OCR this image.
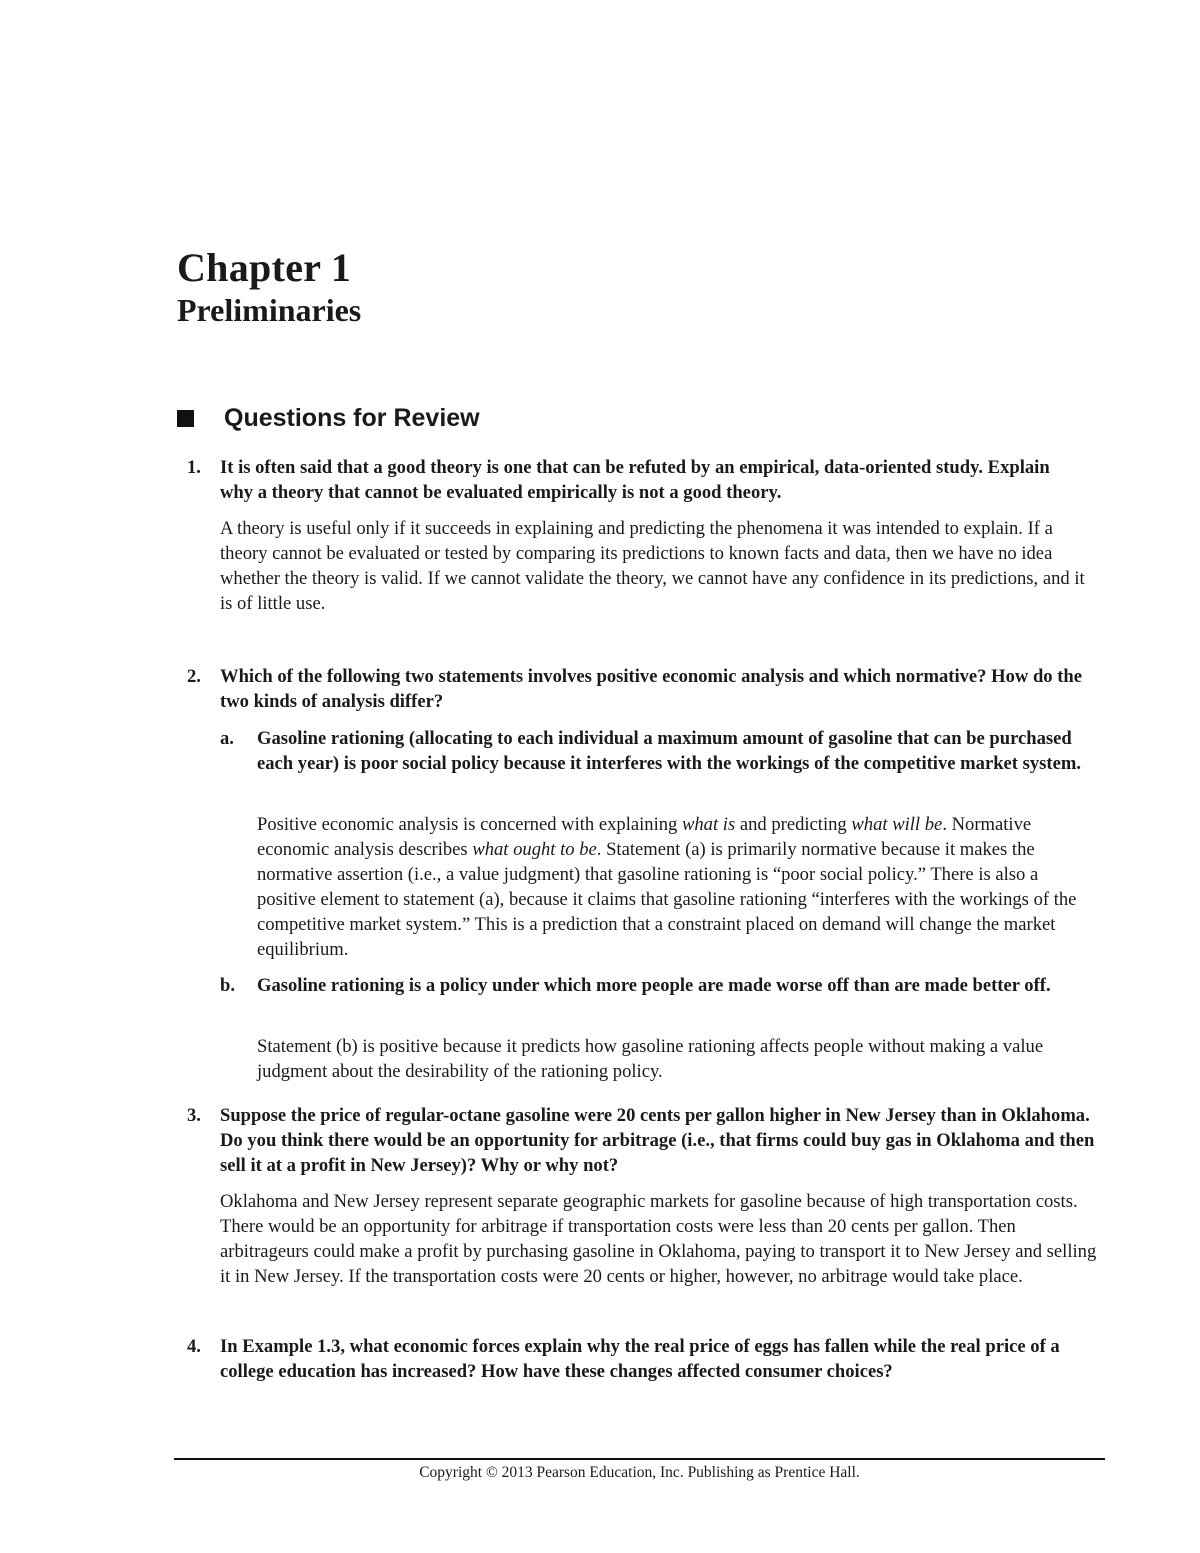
Chapter 1
Preliminaries
Questions for Review
1. It is often said that a good theory is one that can be refuted by an empirical, data-oriented study. Explain why a theory that cannot be evaluated empirically is not a good theory.
A theory is useful only if it succeeds in explaining and predicting the phenomena it was intended to explain. If a theory cannot be evaluated or tested by comparing its predictions to known facts and data, then we have no idea whether the theory is valid. If we cannot validate the theory, we cannot have any confidence in its predictions, and it is of little use.
2. Which of the following two statements involves positive economic analysis and which normative? How do the two kinds of analysis differ?
a. Gasoline rationing (allocating to each individual a maximum amount of gasoline that can be purchased each year) is poor social policy because it interferes with the workings of the competitive market system.
Positive economic analysis is concerned with explaining what is and predicting what will be. Normative economic analysis describes what ought to be. Statement (a) is primarily normative because it makes the normative assertion (i.e., a value judgment) that gasoline rationing is “poor social policy.” There is also a positive element to statement (a), because it claims that gasoline rationing “interferes with the workings of the competitive market system.” This is a prediction that a constraint placed on demand will change the market equilibrium.
b. Gasoline rationing is a policy under which more people are made worse off than are made better off.
Statement (b) is positive because it predicts how gasoline rationing affects people without making a value judgment about the desirability of the rationing policy.
3. Suppose the price of regular-octane gasoline were 20 cents per gallon higher in New Jersey than in Oklahoma. Do you think there would be an opportunity for arbitrage (i.e., that firms could buy gas in Oklahoma and then sell it at a profit in New Jersey)? Why or why not?
Oklahoma and New Jersey represent separate geographic markets for gasoline because of high transportation costs. There would be an opportunity for arbitrage if transportation costs were less than 20 cents per gallon. Then arbitrageurs could make a profit by purchasing gasoline in Oklahoma, paying to transport it to New Jersey and selling it in New Jersey. If the transportation costs were 20 cents or higher, however, no arbitrage would take place.
4. In Example 1.3, what economic forces explain why the real price of eggs has fallen while the real price of a college education has increased? How have these changes affected consumer choices?
Copyright © 2013 Pearson Education, Inc. Publishing as Prentice Hall.
